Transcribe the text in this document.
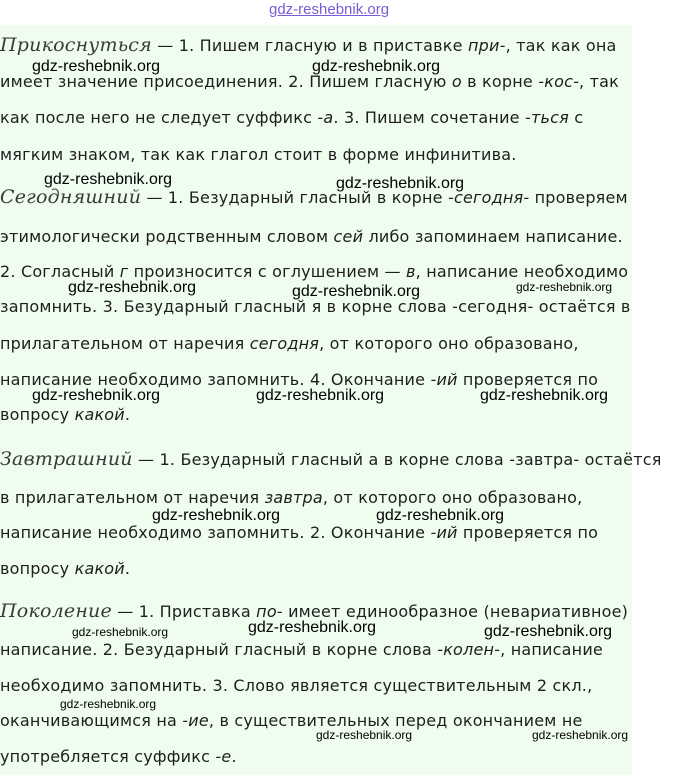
gdz-reshebnik.org
Прикоснуться — 1. Пишем гласную и в приставке при-, так как она
имеет значение присоединения. 2. Пишем гласную о в корне -кос-, так
как после него не следует суффикс -а. 3. Пишем сочетание -ться с
мягким знаком, так как глагол стоит в форме инфинитива.
Сегодняшний — 1. Безударный гласный в корне -сегодня- проверяем
этимологически родственным словом сей либо запоминаем написание.
2. Согласный г произносится с оглушением — в, написание необходимо
запомнить. 3. Безударный гласный я в корне слова -сегодня- остаётся в
прилагательном от наречия сегодня, от которого оно образовано,
написание необходимо запомнить. 4. Окончание -ий проверяется по
вопросу какой.
Завтрашний — 1. Безударный гласный а в корне слова -завтра- остаётся
в прилагательном от наречия завтра, от которого оно образовано,
написание необходимо запомнить. 2. Окончание -ий проверяется по
вопросу какой.
Поколение — 1. Приставка по- имеет единообразное (невариативное)
написание. 2. Безударный гласный в корне слова -колен-, написание
необходимо запомнить. 3. Слово является существительным 2 скл.,
оканчивающимся на -ие, в существительных перед окончанием не
употребляется суффикс -е.
gdz-reshebnik.org	gdz-reshebnik.org
gdz-reshebnik.org	gdz-reshebnik.org
gdz-reshebnik.org	gdz-reshebnik.org	gdz-reshebnik.org
gdz-reshebnik.org	gdz-reshebnik.org	gdz-reshebnik.org
gdz-reshebnik.org	gdz-reshebnik.org
gdz-reshebnik.org	gdz-reshebnik.org	gdz-reshebnik.org
gdz-reshebnik.org
gdz-reshebnik.org	gdz-reshebnik.org
